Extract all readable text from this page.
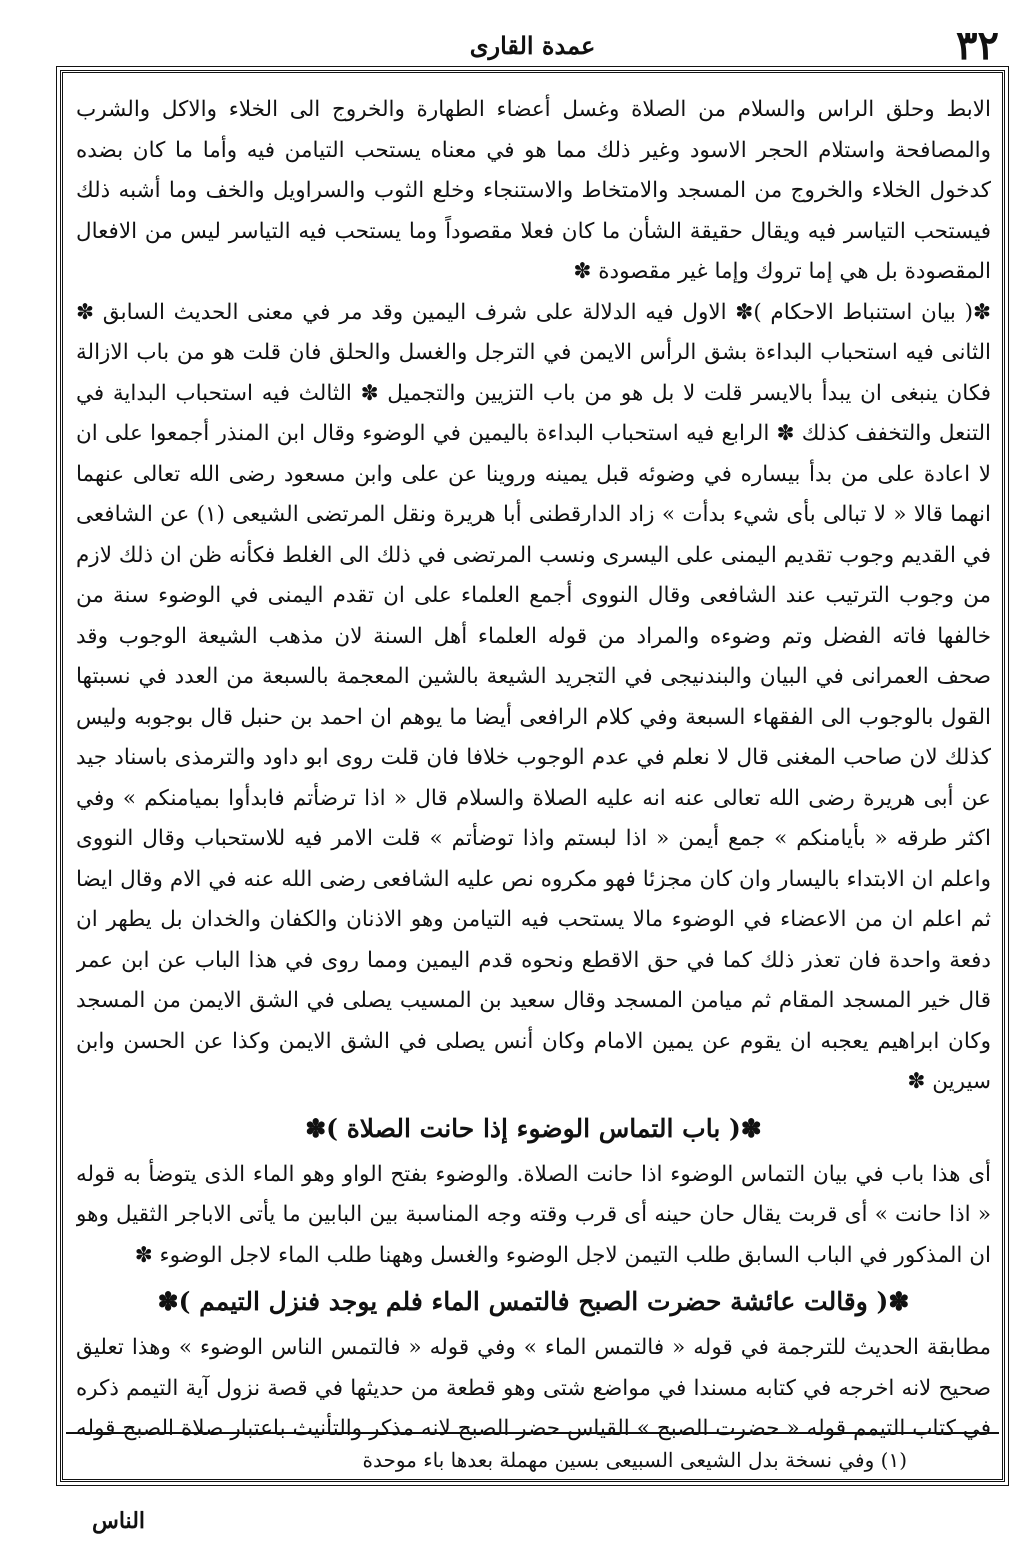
٣٢
عمدة القارى

الابط وحلق الراس والسلام من الصلاة وغسل أعضاء الطهارة والخروج الى الخلاء والاكل والشرب والمصافحة واستلام الحجر الاسود وغير ذلك مما هو في معناه يستحب التيامن فيه وأما ما كان بضده كدخول الخلاء والخروج من المسجد والامتخاط والاستنجاء وخلع الثوب والسراويل والخف وما أشبه ذلك فيستحب التياسر فيه ويقال حقيقة الشأن ما كان فعلا مقصوداً وما يستحب فيه التياسر ليس من الافعال المقصودة بل هي إما تروك وإما غير مقصودة ✽

✽( بيان استنباط الاحكام )✽ الاول فيه الدلالة على شرف اليمين وقد مر في معنى الحديث السابق ✽ الثانى فيه استحباب البداءة بشق الرأس الايمن في الترجل والغسل والحلق فان قلت هو من باب الازالة فكان ينبغى ان يبدأ بالايسر قلت لا بل هو من باب التزيين والتجميل ✽ الثالث فيه استحباب البداية في التنعل والتخفف كذلك ✽ الرابع فيه استحباب البداءة باليمين في الوضوء وقال ابن المنذر أجمعوا على ان لا اعادة على من بدأ بيساره في وضوئه قبل يمينه وروينا عن على وابن مسعود رضى الله تعالى عنهما انهما قالا « لا تبالى بأى شيء بدأت » زاد الدارقطنى أبا هريرة ونقل المرتضى الشيعى (١) عن الشافعى في القديم وجوب تقديم اليمنى على اليسرى ونسب المرتضى في ذلك الى الغلط فكأنه ظن ان ذلك لازم من وجوب الترتيب عند الشافعى وقال النووى أجمع العلماء على ان تقدم اليمنى في الوضوء سنة من خالفها فاته الفضل وتم وضوءه والمراد من قوله العلماء أهل السنة لان مذهب الشيعة الوجوب وقد صحف العمرانى في البيان والبندنيجى في التجريد الشيعة بالشين المعجمة بالسبعة من العدد في نسبتها القول بالوجوب الى الفقهاء السبعة وفي كلام الرافعى أيضا ما يوهم ان احمد بن حنبل قال بوجوبه وليس كذلك لان صاحب المغنى قال لا نعلم في عدم الوجوب خلافا فان قلت روى ابو داود والترمذى باسناد جيد عن أبى هريرة رضى الله تعالى عنه انه عليه الصلاة والسلام قال « اذا ترضأتم فابدأوا بميامنكم » وفي اكثر طرقه « بأيامنكم » جمع أيمن « اذا لبستم واذا توضأتم » قلت الامر فيه للاستحباب وقال النووى واعلم ان الابتداء باليسار وان كان مجزئا فهو مكروه نص عليه الشافعى رضى الله عنه في الام وقال ايضا ثم اعلم ان من الاعضاء في الوضوء مالا يستحب فيه التيامن وهو الاذنان والكفان والخدان بل يطهر ان دفعة واحدة فان تعذر ذلك كما في حق الاقطع ونحوه قدم اليمين ومما روى في هذا الباب عن ابن عمر قال خير المسجد المقام ثم ميامن المسجد وقال سعيد بن المسيب يصلى في الشق الايمن من المسجد وكان ابراهيم يعجبه ان يقوم عن يمين الامام وكان أنس يصلى في الشق الايمن وكذا عن الحسن وابن سيرين ✽

✽( باب التماس الوضوء إذا حانت الصلاة )✽

أى هذا باب في بيان التماس الوضوء اذا حانت الصلاة. والوضوء بفتح الواو وهو الماء الذى يتوضأ به قوله « اذا حانت » أى قربت يقال حان حينه أى قرب وقته وجه المناسبة بين البابين ما يأتى الاباجر الثقيل وهو ان المذكور في الباب السابق طلب التيمن لاجل الوضوء والغسل وههنا طلب الماء لاجل الوضوء ✽

✽( وقالت عائشة حضرت الصبح فالتمس الماء فلم يوجد فنزل التيمم )✽

مطابقة الحديث للترجمة في قوله « فالتمس الماء » وفي قوله « فالتمس الناس الوضوء » وهذا تعليق صحيح لانه اخرجه في كتابه مسندا في مواضع شتى وهو قطعة من حديثها في قصة نزول آية التيمم ذكره في كتاب التيمم قوله « حضرت الصبح » القياس حضر الصبح لانه مذكر والتأنيث باعتبار صلاة الصبح قوله

(١) وفي نسخة بدل الشيعى السبيعى بسين مهملة بعدها باء موحدة
الناس
